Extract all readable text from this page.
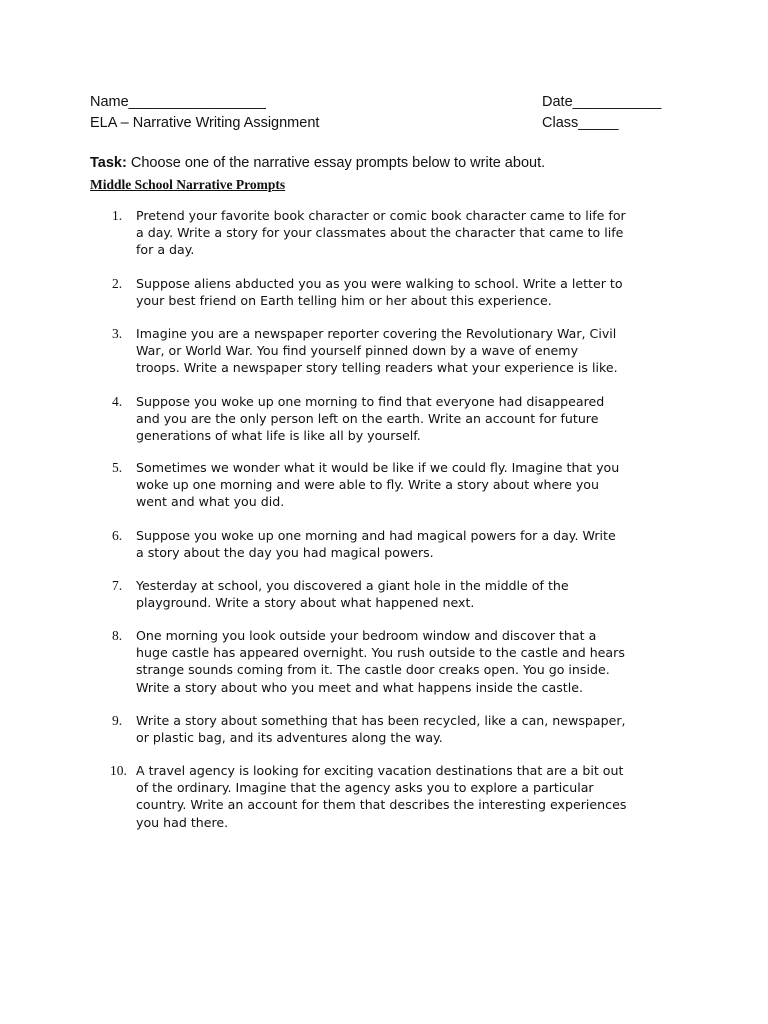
Name_________________	Date___________
ELA – Narrative Writing Assignment	Class_____
Task: Choose one of the narrative essay prompts below to write about.
Middle School Narrative Prompts
1. Pretend your favorite book character or comic book character came to life for
a day. Write a story for your classmates about the character that came to life
for a day.
2. Suppose aliens abducted you as you were walking to school. Write a letter to
your best friend on Earth telling him or her about this experience.
3. Imagine you are a newspaper reporter covering the Revolutionary War, Civil
War, or World War. You find yourself pinned down by a wave of enemy
troops. Write a newspaper story telling readers what your experience is like.
4. Suppose you woke up one morning to find that everyone had disappeared
and you are the only person left on the earth. Write an account for future
generations of what life is like all by yourself.
5. Sometimes we wonder what it would be like if we could fly. Imagine that you
woke up one morning and were able to fly. Write a story about where you
went and what you did.
6. Suppose you woke up one morning and had magical powers for a day. Write
a story about the day you had magical powers.
7. Yesterday at school, you discovered a giant hole in the middle of the
playground. Write a story about what happened next.
8. One morning you look outside your bedroom window and discover that a
huge castle has appeared overnight. You rush outside to the castle and hears
strange sounds coming from it. The castle door creaks open. You go inside.
Write a story about who you meet and what happens inside the castle.
9. Write a story about something that has been recycled, like a can, newspaper,
or plastic bag, and its adventures along the way.
10. A travel agency is looking for exciting vacation destinations that are a bit out
of the ordinary. Imagine that the agency asks you to explore a particular
country. Write an account for them that describes the interesting experiences
you had there.
